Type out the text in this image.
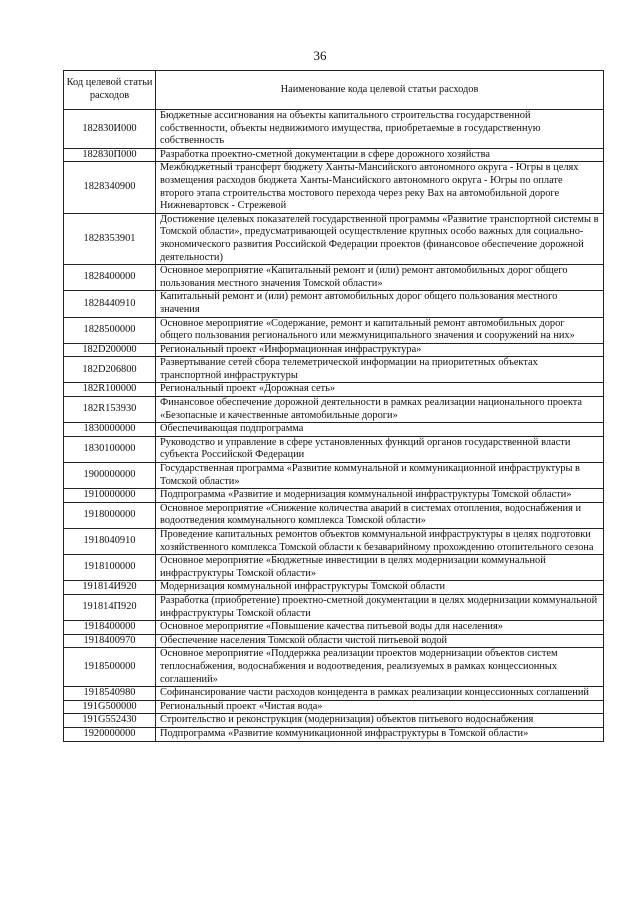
36
Код целевой статьи расходов	Наименование кода целевой статьи расходов
182830И000	Бюджетные ассигнования на объекты капитального строительства государственной собственности, объекты недвижимого имущества, приобретаемые в государственную собственность
182830П000	Разработка проектно-сметной документации в сфере дорожного хозяйства
1828340900	Межбюджетный трансферт бюджету Ханты-Мансийского автономного округа - Югры в целях возмещения расходов бюджета Ханты-Мансийского автономного округа - Югры по оплате второго этапа строительства мостового перехода через реку Вах на автомобильной дороге Нижневартовск - Стрежевой
1828353901	Достижение целевых показателей государственной программы «Развитие транспортной системы в Томской области», предусматривающей осуществление крупных особо важных для социально-экономического развития Российской Федерации проектов (финансовое обеспечение дорожной деятельности)
1828400000	Основное мероприятие «Капитальный ремонт и (или) ремонт автомобильных дорог общего пользования местного значения Томской области»
1828440910	Капитальный ремонт и (или) ремонт автомобильных дорог общего пользования местного значения
1828500000	Основное мероприятие «Содержание, ремонт и капитальный ремонт автомобильных дорог общего пользования регионального или межмуниципального значения и сооружений на них»
182D200000	Региональный проект «Информационная инфраструктура»
182D206800	Развертывание сетей сбора телеметрической информации на приоритетных объектах транспортной инфраструктуры
182R100000	Региональный проект «Дорожная сеть»
182R153930	Финансовое обеспечение дорожной деятельности в рамках реализации национального проекта «Безопасные и качественные автомобильные дороги»
1830000000	Обеспечивающая подпрограмма
1830100000	Руководство и управление в сфере установленных функций органов государственной власти субъекта Российской Федерации
1900000000	Государственная программа «Развитие коммунальной и коммуникационной инфраструктуры в Томской области»
1910000000	Подпрограмма «Развитие и модернизация коммунальной инфраструктуры Томской области»
1918000000	Основное мероприятие «Снижение количества аварий в системах отопления, водоснабжения и водоотведения коммунального комплекса Томской области»
1918040910	Проведение капитальных ремонтов объектов коммунальной инфраструктуры в целях подготовки хозяйственного комплекса Томской области к безаварийному прохождению отопительного сезона
1918100000	Основное мероприятие «Бюджетные инвестиции в целях модернизации коммунальной инфраструктуры Томской области»
191814И920	Модернизация коммунальной инфраструктуры Томской области
191814П920	Разработка (приобретение) проектно-сметной документации в целях модернизации коммунальной инфраструктуры Томской области
1918400000	Основное мероприятие «Повышение качества питьевой воды для населения»
1918400970	Обеспечение населения Томской области чистой питьевой водой
1918500000	Основное мероприятие «Поддержка реализации проектов модернизации объектов систем теплоснабжения, водоснабжения и водоотведения, реализуемых в рамках концессионных соглашений»
1918540980	Софинансирование части расходов концедента в рамках реализации концессионных соглашений
191G500000	Региональный проект «Чистая вода»
191G552430	Строительство и реконструкция (модернизация) объектов питьевого водоснабжения
1920000000	Подпрограмма «Развитие коммуникационной инфраструктуры в Томской области»
